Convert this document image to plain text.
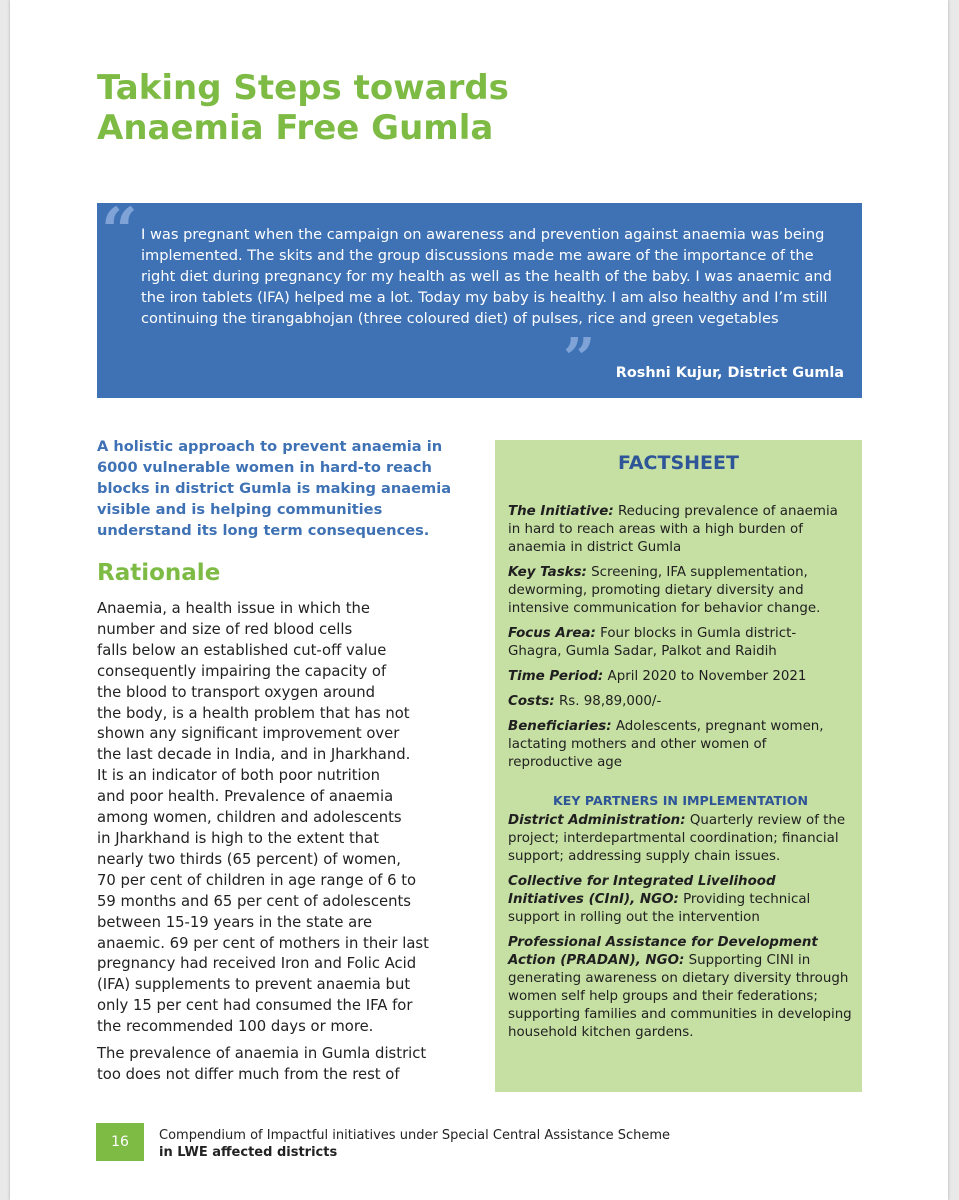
Taking Steps towards
Anaemia Free Gumla
“ I was pregnant when the campaign on awareness and prevention against anaemia was being implemented. The skits and the group discussions made me aware of the importance of the right diet during pregnancy for my health as well as the health of the baby. I was anaemic and the iron tablets (IFA) helped me a lot. Today my baby is healthy. I am also healthy and I’m still continuing the tirangabhojan (three coloured diet) of pulses, rice and green vegetables

” Roshni Kujur, District Gumla

A holistic approach to prevent anaemia in 6000 vulnerable women in hard-to reach blocks in district Gumla is making anaemia visible and is helping communities understand its long term consequences.

Rationale

Anaemia, a health issue in which the
number and size of red blood cells
falls below an established cut-off value
consequently impairing the capacity of
the blood to transport oxygen around
the body, is a health problem that has not
shown any significant improvement over
the last decade in India, and in Jharkhand.
It is an indicator of both poor nutrition
and poor health. Prevalence of anaemia
among women, children and adolescents
in Jharkhand is high to the extent that
nearly two thirds (65 percent) of women,
70 per cent of children in age range of 6 to
59 months and 65 per cent of adolescents
between 15-19 years in the state are
anaemic. 69 per cent of mothers in their last
pregnancy had received Iron and Folic Acid
(IFA) supplements to prevent anaemia but
only 15 per cent had consumed the IFA for
the recommended 100 days or more.

The prevalence of anaemia in Gumla district
too does not differ much from the rest of

FACTSHEET

The Initiative: Reducing prevalence of anaemia in hard to reach areas with a high burden of anaemia in district Gumla

Key Tasks: Screening, IFA supplementation, deworming, promoting dietary diversity and intensive communication for behavior change.

Focus Area: Four blocks in Gumla district- Ghagra, Gumla Sadar, Palkot and Raidih

Time Period: April 2020 to November 2021

Costs: Rs. 98,89,000/-

Beneficiaries: Adolescents, pregnant women, lactating mothers and other women of reproductive age

KEY PARTNERS IN IMPLEMENTATION

District Administration: Quarterly review of the project; interdepartmental coordination; financial support; addressing supply chain issues.

Collective for Integrated Livelihood Initiatives (CInI), NGO: Providing technical support in rolling out the intervention

Professional Assistance for Development Action (PRADAN), NGO: Supporting CINI in generating awareness on dietary diversity through women self help groups and their federations; supporting families and communities in developing household kitchen gardens.

16	Compendium of Impactful initiatives under Special Central Assistance Scheme
in LWE affected districts
